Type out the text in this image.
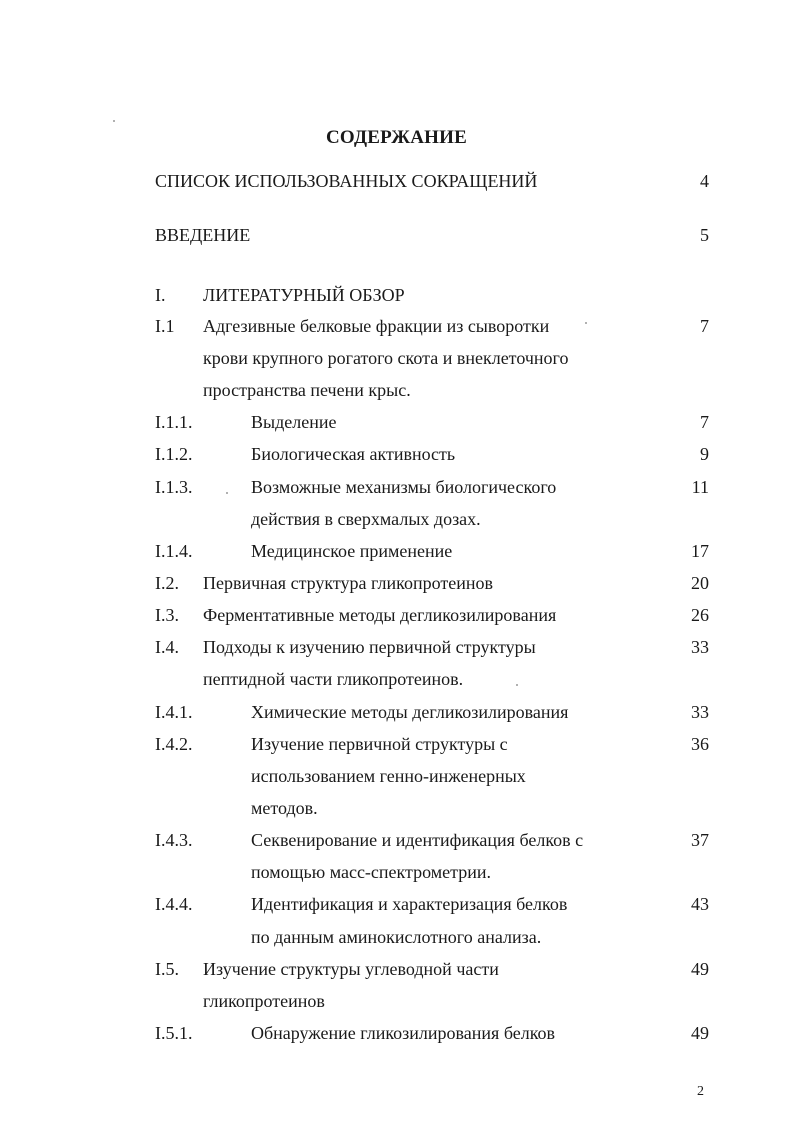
СОДЕРЖАНИЕ
СПИСОК ИСПОЛЬЗОВАННЫХ СОКРАЩЕНИЙ	4
ВВЕДЕНИЕ	5
I. ЛИТЕРАТУРНЫЙ ОБЗОР
I.1 Адгезивные белковые фракции из сыворотки	7
крови крупного рогатого скота и внеклеточного
пространства печени крыс.
I.1.1.	Выделение	7
I.1.2.	Биологическая активность	9
I.1.3.	Возможные механизмы биологического	11
действия в сверхмалых дозах.
I.1.4.	Медицинское применение	17
I.2. Первичная структура гликопротеинов	20
I.3. Ферментативные методы дегликозилирования	26
I.4. Подходы к изучению первичной структуры	33
пептидной части гликопротеинов.
I.4.1.	Химические методы дегликозилирования	33
I.4.2.	Изучение первичной структуры с	36
использованием генно-инженерных
методов.
I.4.3.	Секвенирование и идентификация белков с	37
помощью масс-спектрометрии.
I.4.4.	Идентификация и характеризация белков	43
по данным аминокислотного анализа.
I.5. Изучение структуры углеводной части	49
гликопротеинов
I.5.1.	Обнаружение гликозилирования белков	49
2
